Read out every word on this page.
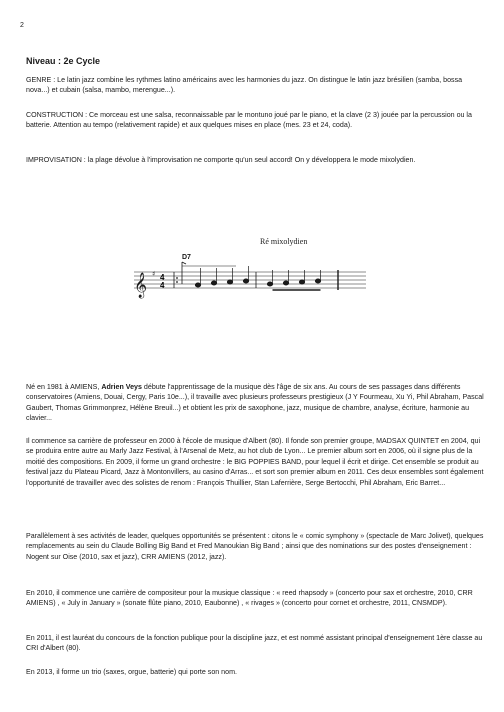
2
Niveau : 2e Cycle

GENRE : Le latin jazz combine les rythmes latino américains avec les harmonies du jazz. On distingue le latin jazz brésilien (samba, bossa nova...) et cubain (salsa, mambo, merengue...).

CONSTRUCTION : Ce morceau est une salsa, reconnaissable par le montuno joué par le piano, et la clave (2 3) jouée par la percussion ou la batterie. Attention au tempo (relativement rapide) et aux quelques mises en place (mes. 23 et 24, coda).

IMPROVISATION : la plage dévolue à l'improvisation ne comporte qu'un seul accord! On y développera le mode mixolydien.

Ré mixolydien
D7
𝄞 ♯ 4
4

Né en 1981 à AMIENS, Adrien Veys débute l'apprentissage de la musique dès l'âge de six ans. Au cours de ses passages dans différents conservatoires (Amiens, Douai, Cergy, Paris 10e...), il travaille avec plusieurs professeurs prestigieux (J Y Fourmeau, Xu Yi, Phil Abraham, Pascal Gaubert, Thomas Grimmonprez, Hélène Breuil...) et obtient les prix de saxophone, jazz, musique de chambre, analyse, écriture, harmonie au clavier...

Il commence sa carrière de professeur en 2000 à l'école de musique d'Albert (80). Il fonde son premier groupe, MADSAX QUINTET en 2004, qui se produira entre autre au Marly Jazz Festival, à l'Arsenal de Metz, au hot club de Lyon... Le premier album sort en 2006, où il signe plus de la moitié des compositions. En 2009, il forme un grand orchestre : le BIG POPPIES BAND, pour lequel il écrit et dirige. Cet ensemble se produit au festival jazz du Plateau Picard, Jazz à Montonvillers, au casino d'Arras... et sort son premier album en 2011. Ces deux ensembles sont également l'opportunité de travailler avec des solistes de renom : François Thuillier, Stan Laferrière, Serge Bertocchi, Phil Abraham, Eric Barret...

Parallèlement à ses activités de leader, quelques opportunités se présentent : citons le « comic symphony » (spectacle de Marc Jolivet), quelques remplacements au sein du Claude Bolling Big Band et Fred Manoukian Big Band ; ainsi que des nominations sur des postes d'enseignement : Nogent sur Oise (2010, sax et jazz), CRR AMIENS (2012, jazz).

En 2010, il commence une carrière de compositeur pour la musique classique : « reed rhapsody » (concerto pour sax et orchestre, 2010, CRR AMIENS) , « July in January » (sonate flûte piano, 2010, Eaubonne) , « rivages » (concerto pour cornet et orchestre, 2011, CNSMDP).

En 2011, il est lauréat du concours de la fonction publique pour la discipline jazz, et est nommé assistant principal d'enseignement 1ère classe au CRI d'Albert (80).

En 2013, il forme un trio (saxes, orgue, batterie) qui porte son nom.
